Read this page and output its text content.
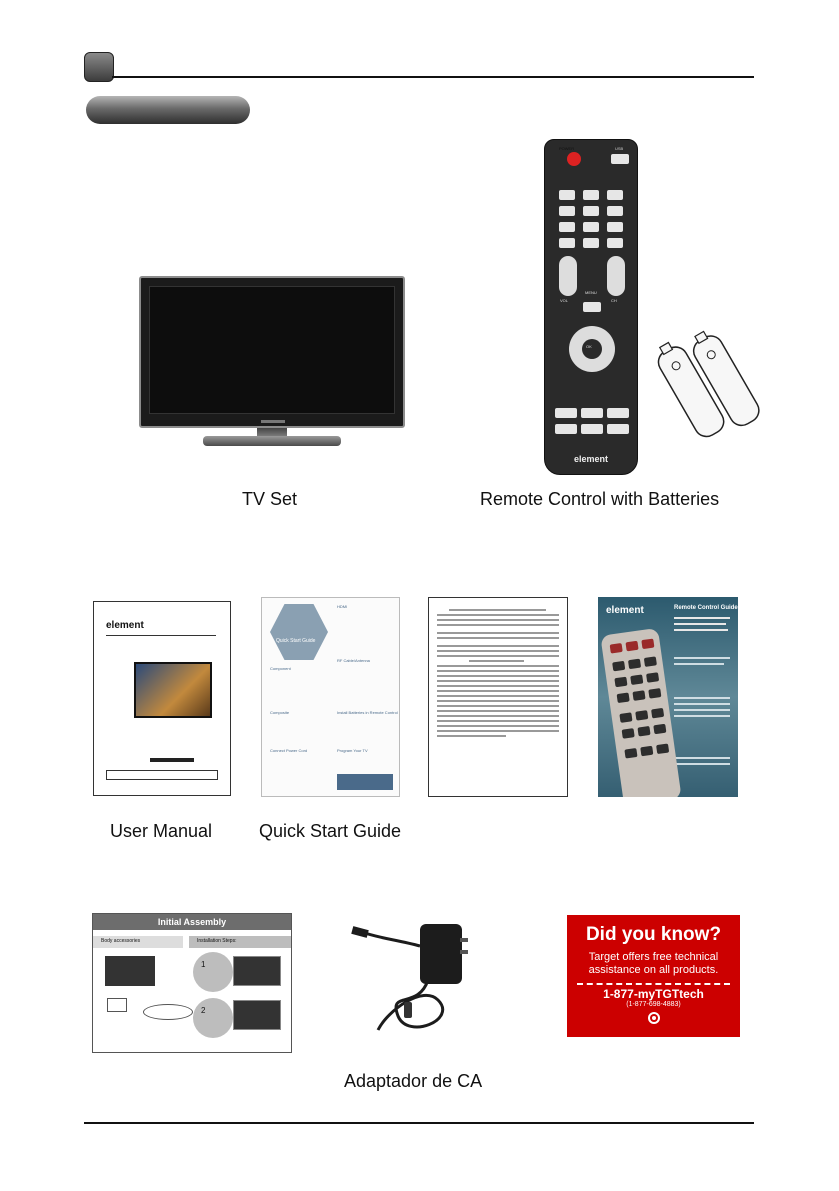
TV Set
POWER	USB
VOL	CH
MENU
OK
element
Remote Control with Batteries
element
User Manual
Quick Start Guide
HDMI
RF Cable/Antenna
Component
Composite	Install Batteries in Remote Control
Connect Power Cord	Program Your TV
Quick Start Guide
element	Remote Control Guide
Initial Assembly
Body accessories	Installation Steps:
1
2
Adaptador de CA
Did you know?
Target offers free technical
assistance on all products.
1-877-myTGTtech
(1-877-698-4883)
